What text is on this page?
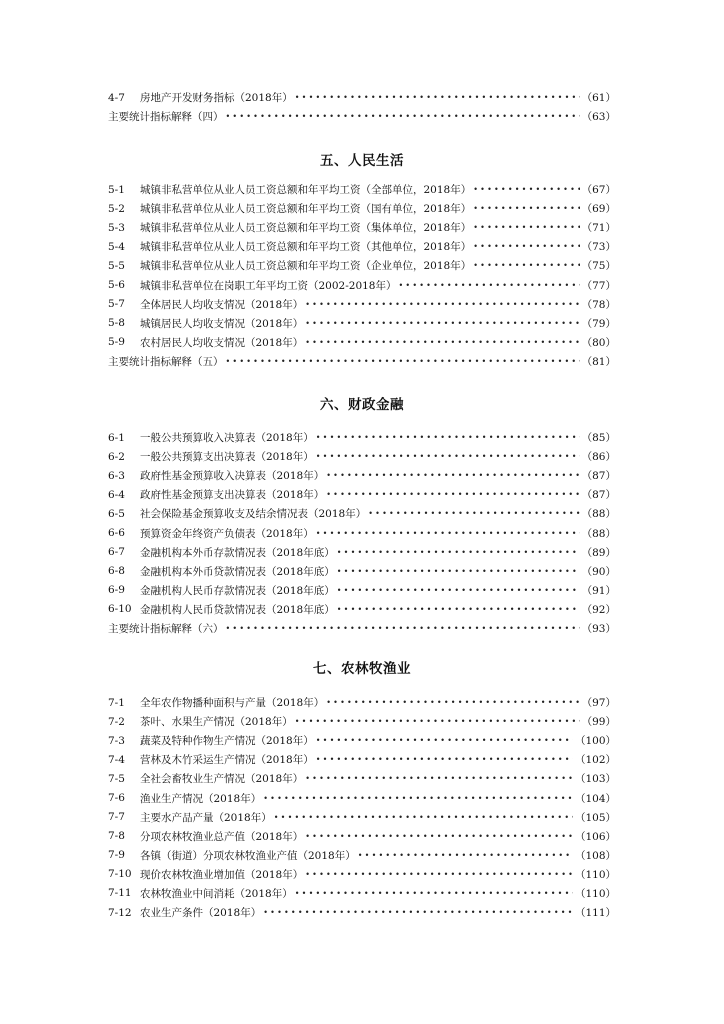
4-7	房地产开发财务指标（2018年） •••••	（61）
主要统计指标解释（四） •••••	（63）
五、人民生活
5-1	城镇非私营单位从业人员工资总额和年平均工资（全部单位，2018年） •••••	（67）
5-2	城镇非私营单位从业人员工资总额和年平均工资（国有单位，2018年） •••••	（69）
5-3	城镇非私营单位从业人员工资总额和年平均工资（集体单位，2018年） •••••	（71）
5-4	城镇非私营单位从业人员工资总额和年平均工资（其他单位，2018年） •••••	（73）
5-5	城镇非私营单位从业人员工资总额和年平均工资（企业单位，2018年） •••••	（75）
5-6	城镇非私营单位在岗职工年平均工资（2002-2018年） •••••	（77）
5-7	全体居民人均收支情况（2018年） •••••	（78）
5-8	城镇居民人均收支情况（2018年） •••••	（79）
5-9	农村居民人均收支情况（2018年） •••••	（80）
主要统计指标解释（五） •••••	（81）
六、财政金融
6-1	一般公共预算收入决算表（2018年） •••••	（85）
6-2	一般公共预算支出决算表（2018年） •••••	（86）
6-3	政府性基金预算收入决算表（2018年） •••••	（87）
6-4	政府性基金预算支出决算表（2018年） •••••	（87）
6-5	社会保险基金预算收支及结余情况表（2018年） •••••	（88）
6-6	预算资金年终资产负债表（2018年） •••••	（88）
6-7	金融机构本外币存款情况表（2018年底） •••••	（89）
6-8	金融机构本外币贷款情况表（2018年底） •••••	（90）
6-9	金融机构人民币存款情况表（2018年底） •••••	（91）
6-10 金融机构人民币贷款情况表（2018年底） •••••	（92）
主要统计指标解释（六） •••••	（93）
七、农林牧渔业
7-1	全年农作物播种面积与产量（2018年） •••••	（97）
7-2	茶叶、水果生产情况（2018年） •••••	（99）
7-3	蔬菜及特种作物生产情况（2018年） •••••	（100）
7-4	营林及木竹采运生产情况（2018年） •••••	（102）
7-5	全社会畜牧业生产情况（2018年） •••••	（103）
7-6	渔业生产情况（2018年） •••••	（104）
7-7	主要水产品产量（2018年） •••••	（105）
7-8	分项农林牧渔业总产值（2018年） •••••	（106）
7-9	各镇（街道）分项农林牧渔业产值（2018年） •••••	（108）
7-10 现价农林牧渔业增加值（2018年） •••••	（110）
7-11 农林牧渔业中间消耗（2018年） •••••	（110）
7-12 农业生产条件（2018年） •••••	（111）
